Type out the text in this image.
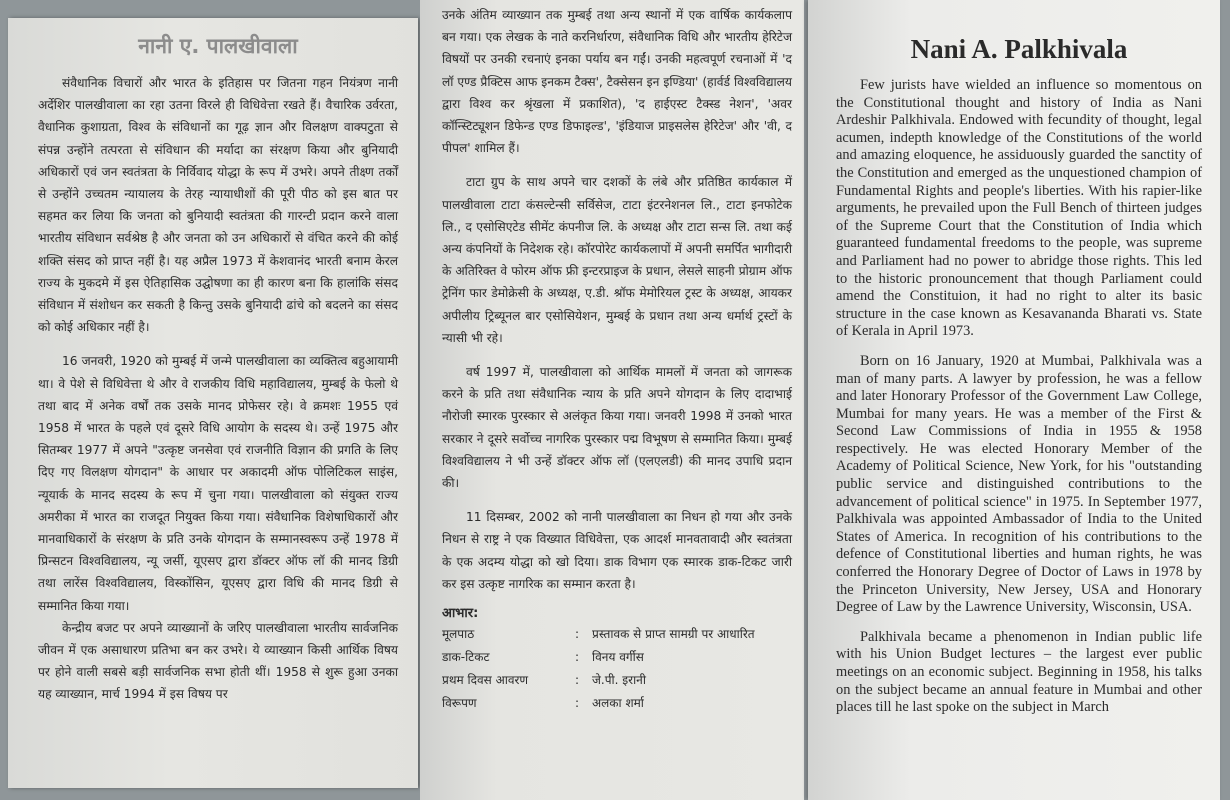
नानी ए. पालखीवाला

संवैधानिक विचारों और भारत के इतिहास पर जितना गहन नियंत्रण नानी अर्देशिर पालखीवाला का रहा उतना विरले ही विधिवेत्ता रखते हैं। वैचारिक उर्वरता, वैधानिक कुशाग्रता, विश्व के संविधानों का गूढ़ ज्ञान और विलक्षण वाक्पटुता से संपन्न उन्होंने तत्परता से संविधान की मर्यादा का संरक्षण किया और बुनियादी अधिकारों एवं जन स्वतंत्रता के निर्विवाद योद्धा के रूप में उभरे। अपने तीक्ष्ण तर्कों से उन्होंने उच्चतम न्यायालय के तेरह न्यायाधीशों की पूरी पीठ को इस बात पर सहमत कर लिया कि जनता को बुनियादी स्वतंत्रता की गारन्टी प्रदान करने वाला भारतीय संविधान सर्वश्रेष्ठ है और जनता को उन अधिकारों से वंचित करने की कोई शक्ति संसद को प्राप्त नहीं है। यह अप्रैल 1973 में केशवानंद भारती बनाम केरल राज्य के मुकदमे में इस ऐतिहासिक उद्घोषणा का ही कारण बना कि हालांकि संसद संविधान में संशोधन कर सकती है किन्तु उसके बुनियादी ढांचे को बदलने का संसद को कोई अधिकार नहीं है।

16 जनवरी, 1920 को मुम्बई में जन्मे पालखीवाला का व्यक्तित्व बहुआयामी था। वे पेशे से विधिवेत्ता थे और वे राजकीय विधि महाविद्यालय, मुम्बई के फेलो थे तथा बाद में अनेक वर्षों तक उसके मानद प्रोफेसर रहे। वे क्रमशः 1955 एवं 1958 में भारत के पहले एवं दूसरे विधि आयोग के सदस्य थे। उन्हें 1975 और सितम्बर 1977 में अपने "उत्कृष्ट जनसेवा एवं राजनीति विज्ञान की प्रगति के लिए दिए गए विलक्षण योगदान" के आधार पर अकादमी ऑफ पोलिटिकल साइंस, न्यूयार्क के मानद सदस्य के रूप में चुना गया। पालखीवाला को संयुक्त राज्य अमरीका में भारत का राजदूत नियुक्त किया गया। संवैधानिक विशेषाधिकारों और मानवाधिकारों के संरक्षण के प्रति उनके योगदान के सम्मानस्वरूप उन्हें 1978 में प्रिन्सटन विश्वविद्यालय, न्यू जर्सी, यूएसए द्वारा डॉक्टर ऑफ लॉ की मानद डिग्री तथा लारेंस विश्वविद्यालय, विस्कोंसिन, यूएसए द्वारा विधि की मानद डिग्री से सम्मानित किया गया।

केन्द्रीय बजट पर अपने व्याख्यानों के जरिए पालखीवाला भारतीय सार्वजनिक जीवन में एक असाधारण प्रतिभा बन कर उभरे। ये व्याख्यान किसी आर्थिक विषय पर होने वाली सबसे बड़ी सार्वजनिक सभा होती थीं। 1958 से शुरू हुआ उनका यह व्याख्यान, मार्च 1994 में इस विषय पर

उनके अंतिम व्याख्यान तक मुम्बई तथा अन्य स्थानों में एक वार्षिक कार्यकलाप बन गया। एक लेखक के नाते करनिर्धारण, संवैधानिक विधि और भारतीय हेरिटेज विषयों पर उनकी रचनाएं इनका पर्याय बन गईं। उनकी महत्वपूर्ण रचनाओं में 'द लॉ एण्ड प्रैक्टिस आफ इनकम टैक्स', टैक्सेसन इन इण्डिया' (हार्वर्ड विश्वविद्यालय द्वारा विश्व कर श्रृंखला में प्रकाशित), 'द हाईएस्ट टैक्स्ड नेशन', 'अवर कॉन्स्टिट्यूशन डिफेन्ड एण्ड डिफाइल्ड', 'इंडियाज प्राइसलेस हेरिटेज' और 'वी, द पीपल' शामिल हैं।

टाटा ग्रुप के साथ अपने चार दशकों के लंबे और प्रतिष्ठित कार्यकाल में पालखीवाला टाटा कंसल्टेन्सी सर्विसेज, टाटा इंटरनेशनल लि., टाटा इनफोटेक लि., द एसोसिएटेड सीमेंट कंपनीज लि. के अध्यक्ष और टाटा सन्स लि. तथा कई अन्य कंपनियों के निदेशक रहे। कॉरपोरेट कार्यकलापों में अपनी समर्पित भागीदारी के अतिरिक्त वे फोरम ऑफ फ्री इन्टरप्राइज के प्रधान, लेसले साहनी प्रोग्राम ऑफ ट्रेनिंग फार डेमोक्रेसी के अध्यक्ष, ए.डी. श्रॉफ मेमोरियल ट्रस्ट के अध्यक्ष, आयकर अपीलीय ट्रिब्यूनल बार एसोसियेशन, मुम्बई के प्रधान तथा अन्य धर्मार्थ ट्रस्टों के न्यासी भी रहे।

वर्ष 1997 में, पालखीवाला को आर्थिक मामलों में जनता को जागरूक करने के प्रति तथा संवैधानिक न्याय के प्रति अपने योगदान के लिए दादाभाई नौरोजी स्मारक पुरस्कार से अलंकृत किया गया। जनवरी 1998 में उनको भारत सरकार ने दूसरे सर्वोच्च नागरिक पुरस्कार पद्म विभूषण से सम्मानित किया। मुम्बई विश्वविद्यालय ने भी उन्हें डॉक्टर ऑफ लॉ (एलएलडी) की मानद उपाधि प्रदान की।

11 दिसम्बर, 2002 को नानी पालखीवाला का निधन हो गया और उनके निधन से राष्ट्र ने एक विख्यात विधिवेत्ता, एक आदर्श मानवतावादी और स्वतंत्रता के एक अदम्य योद्धा को खो दिया। डाक विभाग एक स्मारक डाक-टिकट जारी कर इस उत्कृष्ट नागरिक का सम्मान करता है।

आभार:
मूलपाठ	:	प्रस्तावक से प्राप्त सामग्री पर आधारित
डाक-टिकट	:	विनय वर्गीस
प्रथम दिवस आवरण	:	जे.पी. इरानी
विरूपण	:	अलका शर्मा
Nani A. Palkhivala

Few jurists have wielded an influence so momentous on the Constitutional thought and history of India as Nani Ardeshir Palkhivala. Endowed with fecundity of thought, legal acumen, indepth knowledge of the Constitutions of the world and amazing eloquence, he assiduously guarded the sanctity of the Constitution and emerged as the unquestioned champion of Fundamental Rights and people's liberties. With his rapier-like arguments, he prevailed upon the Full Bench of thirteen judges of the Supreme Court that the Constitution of India which guaranteed fundamental freedoms to the people, was supreme and Parliament had no power to abridge those rights. This led to the historic pronouncement that though Parliament could amend the Constituion, it had no right to alter its basic structure in the case known as Kesavananda Bharati vs. State of Kerala in April 1973.

Born on 16 January, 1920 at Mumbai, Palkhivala was a man of many parts. A lawyer by profession, he was a fellow and later Honorary Professor of the Government Law College, Mumbai for many years. He was a member of the First & Second Law Commissions of India in 1955 & 1958 respectively. He was elected Honorary Member of the Academy of Political Science, New York, for his "outstanding public service and distinguished contributions to the advancement of political science" in 1975. In September 1977, Palkhivala was appointed Ambassador of India to the United States of America. In recognition of his contributions to the defence of Constitutional liberties and human rights, he was conferred the Honorary Degree of Doctor of Laws in 1978 by the Princeton University, New Jersey, USA and Honorary Degree of Law by the Lawrence University, Wisconsin, USA.

Palkhivala became a phenomenon in Indian public life with his Union Budget lectures – the largest ever public meetings on an economic subject. Beginning in 1958, his talks on the subject became an annual feature in Mumbai and other places till he last spoke on the subject in March
